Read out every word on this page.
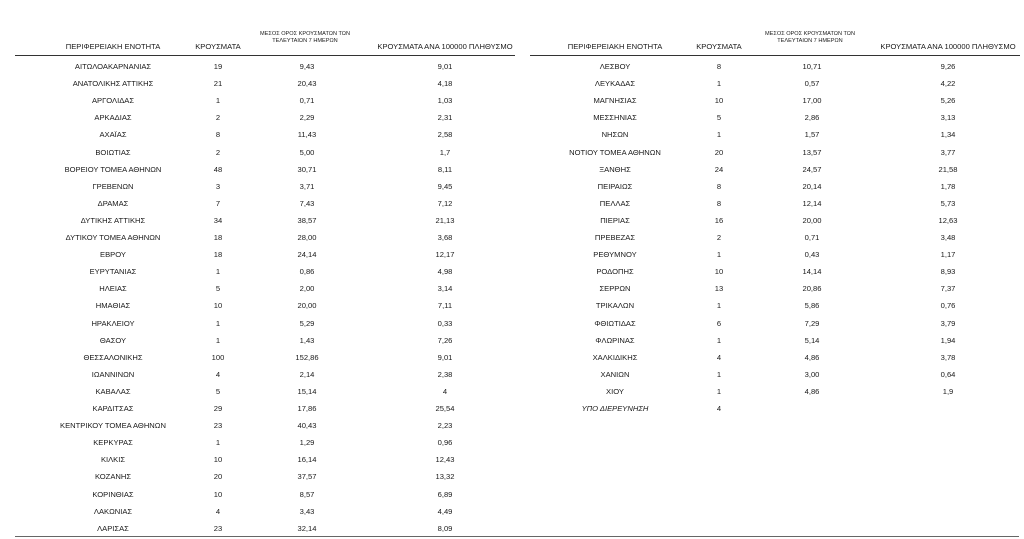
ΠΕΡΙΦΕΡΕΙΑΚΗ ΕΝΟΤΗΤΑ	ΚΡΟΥΣΜΑΤΑ
ΜΕΣΟΣ ΟΡΟΣ ΚΡΟΥΣΜΑΤΩΝ ΤΩΝ
ΤΕΛΕΥΤΑΙΩΝ 7 ΗΜΕΡΩΝ
ΚΡΟΥΣΜΑΤΑ ΑΝΑ 100000 ΠΛΗΘΥΣΜΟ
ΑΙΤΩΛΟΑΚΑΡΝΑΝΙΑΣ	19	9,43	9,01
ΑΝΑΤΟΛΙΚΗΣ ΑΤΤΙΚΗΣ	21	20,43	4,18
ΑΡΓΟΛΙΔΑΣ	1	0,71	1,03
ΑΡΚΑΔΙΑΣ	2	2,29	2,31
ΑΧΑΪΑΣ	8	11,43	2,58
ΒΟΙΩΤΙΑΣ	2	5,00	1,7
ΒΟΡΕΙΟΥ ΤΟΜΕΑ ΑΘΗΝΩΝ	48	30,71	8,11
ΓΡΕΒΕΝΩΝ	3	3,71	9,45
ΔΡΑΜΑΣ	7	7,43	7,12
ΔΥΤΙΚΗΣ ΑΤΤΙΚΗΣ	34	38,57	21,13
ΔΥΤΙΚΟΥ ΤΟΜΕΑ ΑΘΗΝΩΝ	18	28,00	3,68
ΕΒΡΟΥ	18	24,14	12,17
ΕΥΡΥΤΑΝΙΑΣ	1	0,86	4,98
ΗΛΕΙΑΣ	5	2,00	3,14
ΗΜΑΘΙΑΣ	10	20,00	7,11
ΗΡΑΚΛΕΙΟΥ	1	5,29	0,33
ΘΑΣΟΥ	1	1,43	7,26
ΘΕΣΣΑΛΟΝΙΚΗΣ	100	152,86	9,01
ΙΩΑΝΝΙΝΩΝ	4	2,14	2,38
ΚΑΒΑΛΑΣ	5	15,14	4
ΚΑΡΔΙΤΣΑΣ	29	17,86	25,54
ΚΕΝΤΡΙΚΟΥ ΤΟΜΕΑ ΑΘΗΝΩΝ	23	40,43	2,23
ΚΕΡΚΥΡΑΣ	1	1,29	0,96
ΚΙΛΚΙΣ	10	16,14	12,43
ΚΟΖΑΝΗΣ	20	37,57	13,32
ΚΟΡΙΝΘΙΑΣ	10	8,57	6,89
ΛΑΚΩΝΙΑΣ	4	3,43	4,49
ΛΑΡΙΣΑΣ	23	32,14	8,09
ΠΕΡΙΦΕΡΕΙΑΚΗ ΕΝΟΤΗΤΑ	ΚΡΟΥΣΜΑΤΑ
ΜΕΣΟΣ ΟΡΟΣ ΚΡΟΥΣΜΑΤΩΝ ΤΩΝ
ΤΕΛΕΥΤΑΙΩΝ 7 ΗΜΕΡΩΝ
ΚΡΟΥΣΜΑΤΑ ΑΝΑ 100000 ΠΛΗΘΥΣΜΟ
ΛΕΣΒΟΥ	8	10,71	9,26
ΛΕΥΚΑΔΑΣ	1	0,57	4,22
ΜΑΓΝΗΣΙΑΣ	10	17,00	5,26
ΜΕΣΣΗΝΙΑΣ	5	2,86	3,13
ΝΗΣΩΝ	1	1,57	1,34
ΝΟΤΙΟΥ ΤΟΜΕΑ ΑΘΗΝΩΝ	20	13,57	3,77
ΞΑΝΘΗΣ	24	24,57	21,58
ΠΕΙΡΑΙΩΣ	8	20,14	1,78
ΠΕΛΛΑΣ	8	12,14	5,73
ΠΙΕΡΙΑΣ	16	20,00	12,63
ΠΡΕΒΕΖΑΣ	2	0,71	3,48
ΡΕΘΥΜΝΟΥ	1	0,43	1,17
ΡΟΔΟΠΗΣ	10	14,14	8,93
ΣΕΡΡΩΝ	13	20,86	7,37
ΤΡΙΚΑΛΩΝ	1	5,86	0,76
ΦΘΙΩΤΙΔΑΣ	6	7,29	3,79
ΦΛΩΡΙΝΑΣ	1	5,14	1,94
ΧΑΛΚΙΔΙΚΗΣ	4	4,86	3,78
ΧΑΝΙΩΝ	1	3,00	0,64
ΧΙΟΥ	1	4,86	1,9
ΥΠΟ ΔΙΕΡΕΥΝΗΣΗ	4
